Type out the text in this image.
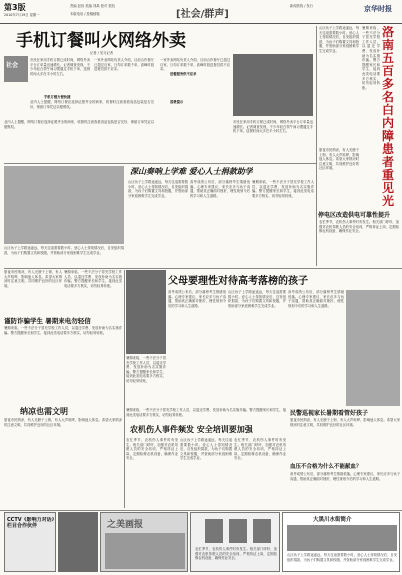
第3版
2010年7月19日 星期一
责编 赵伟 美编 刘禹 校对 张凯
本版电话 / 投稿邮箱	[社会/群声]
新闻热线 / 发行	京华时报
手机订餐叫火网络外卖
记者 / 见习记者
社会
市民在家用手机订餐已成时尚，网络外卖平台订单量迅速增长。记者调查发现，不少年轻白领午间习惯通过手机下单，送餐时间大多在半小时左右。
一家外卖网站负责人介绍，目前合作餐厅已超过百家，日均订单数千单，高峰时段送餐员供不应求。
业内人士提醒，网络订餐应选择证照齐全的商家，收餐时注意查看食品包装是否完好，保留订单凭证以便维权。
手机订餐方便快捷
送餐服务供不应求
消费提示
一家外卖网站负责人介绍，目前合作餐厅已超过百家，日均订单数千单，高峰时段送餐员供不应求。
市民在家用手机订餐已成时尚，网络外卖平台订单量迅速增长。记者调查发现，不少年轻白领午间习惯通过手机下单，送餐时间大多在半小时左右。
业内人士提醒，网络订餐应选择证照齐全的商家，收餐时注意查看食品包装是否完好，保留订单凭证以便维权。
山区孩子上学路途遥远，每天往返需要数小时。爱心人士得知情况后，自发组织捐款，为孩子们购置文具和校服，并资助部分家庭困难学生完成学业。
洛南五百多名白内障患者重见光
暑期来临，一些不法分子冒充学校工作人员，以退还学费、发放补助为名实施诈骗。警方提醒家长和学生，接到此类电话要多方核实，切勿轻易转账。
夏夜市民纳凉，有人光膀子上街，有人大声喧哗，影响他人休息。希望大家纳凉时注意文明，共同维护良好的社区环境。
停电区改造供电可靠性提升
农忙季节，农机伤人事件时有发生。相关部门呼吁，加强对农机驾驶人员的安全培训，严格持证上岗，定期检修农机设备，确保作业安全。
深山奏响上学难 爱心人士捐款助学
山区孩子上学路途遥远，每天往返需要数小时。爱心人士得知情况后，自发组织捐款，为孩子们购置文具和校服，并资助部分家庭困难学生完成学业。
山区孩子上学路途遥远，每天往返需要数小时。爱心人士得知情况后，自发组织捐款，为孩子们购置文具和校服，并资助部分家庭困难学生完成学业。
高考成绩公布后，部分落榜考生情绪低落。心理专家建议，家长应多与孩子沟通，帮助其正确面对挫折，理性规划今后的学习和人生道路。
暑期来临，一些不法分子冒充学校工作人员，以退还学费、发放补助为名实施诈骗。警方提醒家长和学生，接到此类电话要多方核实，切勿轻易转账。
夏夜市民纳凉，有人光膀子上街，有人大声喧哗，影响他人休息。希望大家纳凉时注意文明，共同维护良好的社区环境。
暑期来临，一些不法分子冒充学校工作人员，以退还学费、发放补助为名实施诈骗。警方提醒家长和学生，接到此类电话要多方核实，切勿轻易转账。
谨防诈骗学生 暑期来电勿轻信
暑期来临，一些不法分子冒充学校工作人员，以退还学费、发放补助为名实施诈骗。警方提醒家长和学生，接到此类电话要多方核实，切勿轻易转账。
纳凉也需文明
夏夜市民纳凉，有人光膀子上街，有人大声喧哗，影响他人休息。希望大家纳凉时注意文明，共同维护良好的社区环境。
父母要理性对待高考落榜的孩子
高考成绩公布后，部分落榜考生情绪低落。心理专家建议，家长应多与孩子沟通，帮助其正确面对挫折，理性规划今后的学习和人生道路。
山区孩子上学路途遥远，每天往返需要数小时。爱心人士得知情况后，自发组织捐款，为孩子们购置文具和校服，并资助部分家庭困难学生完成学业。
高考成绩公布后，部分落榜考生情绪低落。心理专家建议，家长应多与孩子沟通，帮助其正确面对挫折，理性规划今后的学习和人生道路。
暑期来临，一些不法分子冒充学校工作人员，以退还学费、发放补助为名实施诈骗。警方提醒家长和学生，接到此类电话要多方核实，切勿轻易转账。
民警巡视家长暑期看管好孩子
夏夜市民纳凉，有人光膀子上街，有人大声喧哗，影响他人休息。希望大家纳凉时注意文明，共同维护良好的社区环境。
血压不合格为什么不能献血？
高考成绩公布后，部分落榜考生情绪低落。心理专家建议，家长应多与孩子沟通，帮助其正确面对挫折，理性规划今后的学习和人生道路。
农机伤人事件频发 安全培训要加强
农忙季节，农机伤人事件时有发生。相关部门呼吁，加强对农机驾驶人员的安全培训，严格持证上岗，定期检修农机设备，确保作业安全。
山区孩子上学路途遥远，每天往返需要数小时。爱心人士得知情况后，自发组织捐款，为孩子们购置文具和校服，并资助部分家庭困难学生完成学业。
农忙季节，农机伤人事件时有发生。相关部门呼吁，加强对农机驾驶人员的安全培训，严格持证上岗，定期检修农机设备，确保作业安全。
暑期来临，一些不法分子冒充学校工作人员，以退还学费、发放补助为名实施诈骗。警方提醒家长和学生，接到此类电话要多方核实，切勿轻易转账。
CCTV《影响力对话》栏目合作伙伴	之美画报
农忙季节，农机伤人事件时有发生。相关部门呼吁，加强对农机驾驶人员的安全培训，严格持证上岗，定期检修农机设备，确保作业安全。
大黑川水街简介
山区孩子上学路途遥远，每天往返需要数小时。爱心人士得知情况后，自发组织捐款，为孩子们购置文具和校服，并资助部分家庭困难学生完成学业。
